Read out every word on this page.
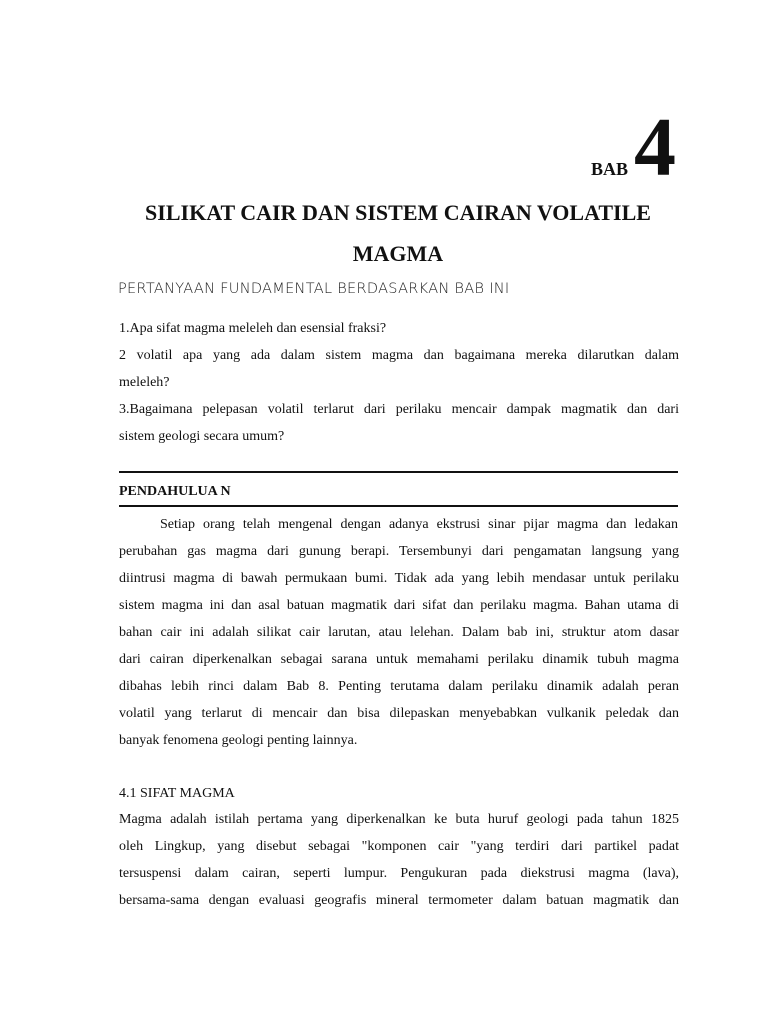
BAB 4
SILIKAT CAIR DAN SISTEM CAIRAN VOLATILE
MAGMA
PERTANYAAN FUNDAMENTAL BERDASARKAN BAB INI
1.Apa sifat magma meleleh dan esensial fraksi?
2 volatil apa yang ada dalam sistem magma dan bagaimana mereka dilarutkan dalam
meleleh?
3.Bagaimana pelepasan volatil terlarut dari perilaku mencair dampak magmatik dan dari
sistem geologi secara umum?
PENDAHULUA N
Setiap orang telah mengenal dengan adanya ekstrusi sinar pijar magma dan ledakan
perubahan gas magma dari gunung berapi. Tersembunyi dari pengamatan langsung yang
diintrusi magma di bawah permukaan bumi. Tidak ada yang lebih mendasar untuk perilaku
sistem magma ini dan asal batuan magmatik dari sifat dan perilaku magma. Bahan utama di
bahan cair ini adalah silikat cair larutan, atau lelehan. Dalam bab ini, struktur atom dasar
dari cairan diperkenalkan sebagai sarana untuk memahami perilaku dinamik tubuh magma
dibahas lebih rinci dalam Bab 8. Penting terutama dalam perilaku dinamik adalah peran
volatil yang terlarut di mencair dan bisa dilepaskan menyebabkan vulkanik peledak dan
banyak fenomena geologi penting lainnya.
4.1 SIFAT MAGMA
Magma adalah istilah pertama yang diperkenalkan ke buta huruf geologi pada tahun 1825
oleh Lingkup, yang disebut sebagai "komponen cair "yang terdiri dari partikel padat
tersuspensi dalam cairan, seperti lumpur. Pengukuran pada diekstrusi magma (lava),
bersama-sama dengan evaluasi geografis mineral termometer dalam batuan magmatik dan
